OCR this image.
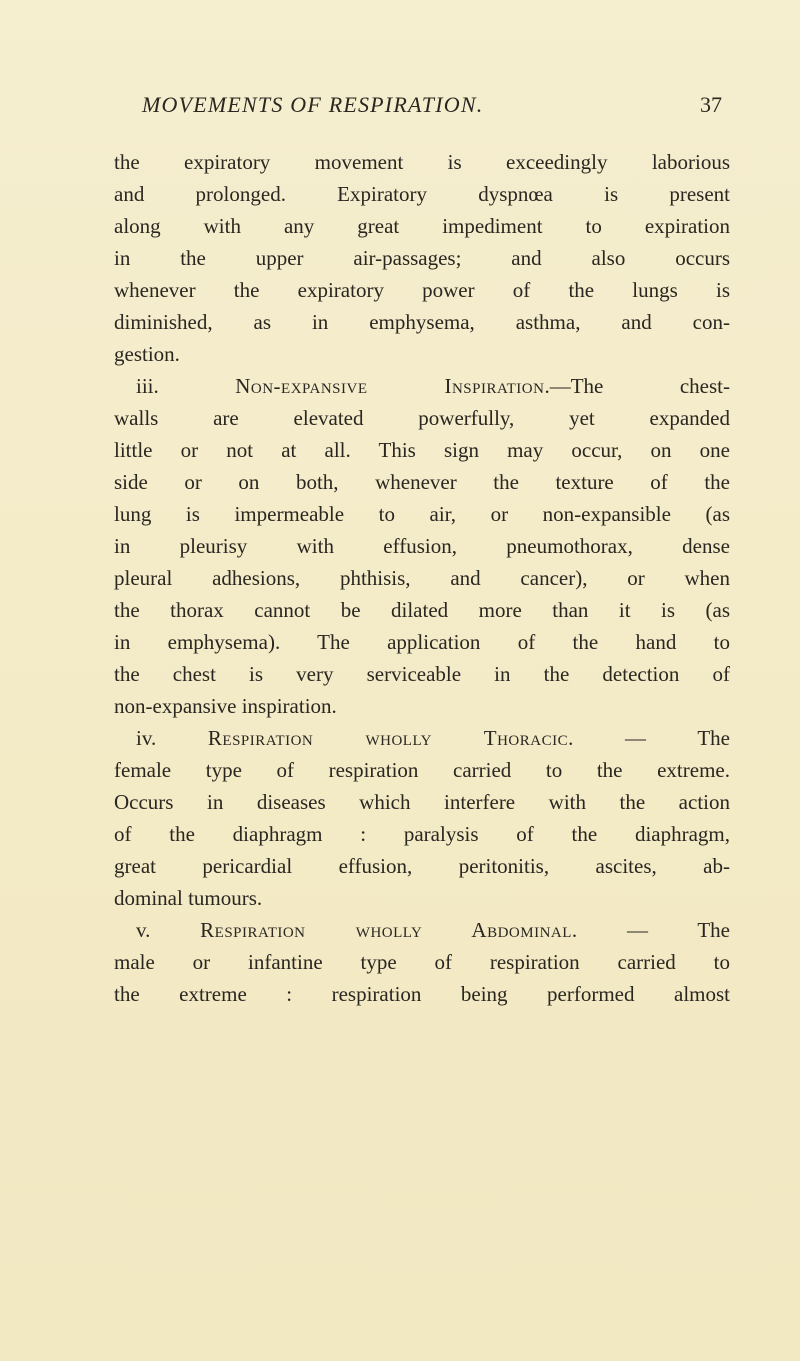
MOVEMENTS OF RESPIRATION.	37
the expiratory movement is exceedingly laborious
and prolonged. Expiratory dyspnœa is present
along with any great impediment to expiration
in the upper air-passages; and also occurs
whenever the expiratory power of the lungs is
diminished, as in emphysema, asthma, and con-
gestion.
iii. Non-expansive Inspiration.—The chest-
walls are elevated powerfully, yet expanded
little or not at all. This sign may occur, on one
side or on both, whenever the texture of the
lung is impermeable to air, or non-expansible (as
in pleurisy with effusion, pneumothorax, dense
pleural adhesions, phthisis, and cancer), or when
the thorax cannot be dilated more than it is (as
in emphysema). The application of the hand to
the chest is very serviceable in the detection of
non-expansive inspiration.
iv. Respiration wholly Thoracic. — The
female type of respiration carried to the extreme.
Occurs in diseases which interfere with the action
of the diaphragm : paralysis of the diaphragm,
great pericardial effusion, peritonitis, ascites, ab-
dominal tumours.
v. Respiration wholly Abdominal. — The
male or infantine type of respiration carried to
the extreme : respiration being performed almost
